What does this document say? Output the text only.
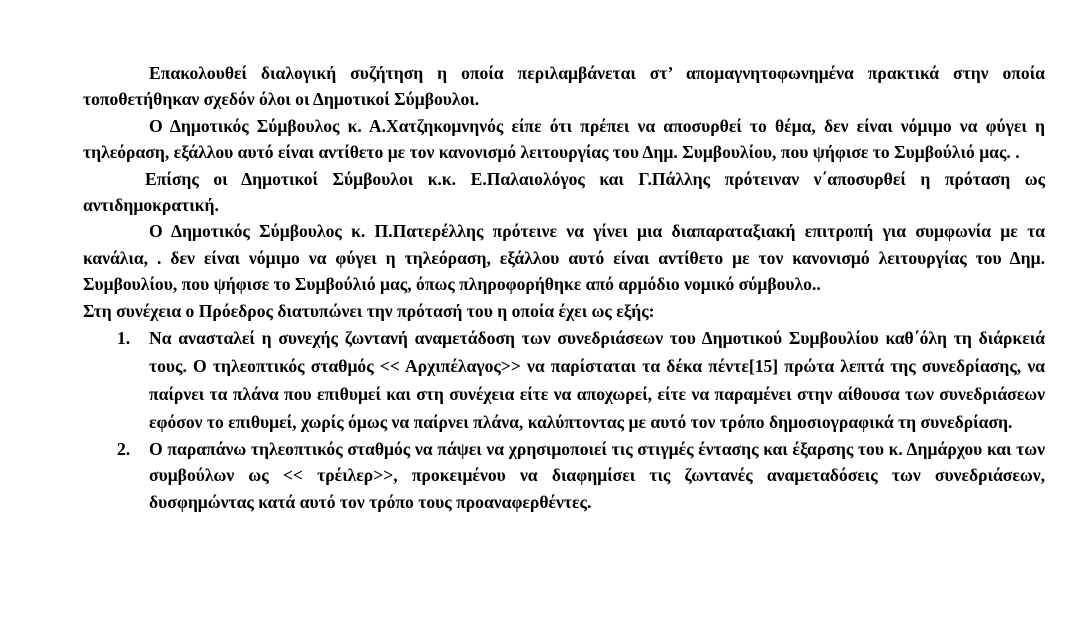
Επακολουθεί διαλογική συζήτηση η οποία περιλαμβάνεται στ’ απομαγνητοφωνημένα πρακτικά στην οποία τοποθετήθηκαν σχεδόν όλοι οι Δημοτικοί Σύμβουλοι.

Ο Δημοτικός Σύμβουλος κ. Α.Χατζηκομνηνός είπε ότι πρέπει να αποσυρθεί το θέμα, δεν είναι νόμιμο να φύγει η τηλεόραση, εξάλλου αυτό είναι αντίθετο με τον κανονισμό λειτουργίας του Δημ. Συμβουλίου, που ψήφισε το Συμβούλιό μας. .

Επίσης οι Δημοτικοί Σύμβουλοι κ.κ. Ε.Παλαιολόγος και Γ.Πάλλης πρότειναν ν΄αποσυρθεί η πρόταση ως αντιδημοκρατική.

Ο Δημοτικός Σύμβουλος κ. Π.Πατερέλλης πρότεινε να γίνει μια διαπαραταξιακή επιτροπή για συμφωνία με τα κανάλια, . δεν είναι νόμιμο να φύγει η τηλεόραση, εξάλλου αυτό είναι αντίθετο με τον κανονισμό λειτουργίας του Δημ. Συμβουλίου, που ψήφισε το Συμβούλιό μας, όπως πληροφορήθηκε από αρμόδιο νομικό σύμβουλο..

Στη συνέχεια ο Πρόεδρος διατυπώνει την πρότασή του η οποία έχει ως εξής:

1. Να ανασταλεί η συνεχής ζωντανή αναμετάδοση των συνεδριάσεων του Δημοτικού Συμβουλίου καθ΄όλη τη διάρκειά τους. Ο τηλεοπτικός σταθμός << Αρχιπέλαγος>> να παρίσταται τα δέκα πέντε[15] πρώτα λεπτά της συνεδρίασης, να παίρνει τα πλάνα που επιθυμεί και στη συνέχεια είτε να αποχωρεί, είτε να παραμένει στην αίθουσα των συνεδριάσεων εφόσον το επιθυμεί, χωρίς όμως να παίρνει πλάνα, καλύπτοντας με αυτό τον τρόπο δημοσιογραφικά τη συνεδρίαση.
2. Ο παραπάνω τηλεοπτικός σταθμός να πάψει να χρησιμοποιεί τις στιγμές έντασης και έξαρσης του κ. Δημάρχου και των συμβούλων ως << τρέιλερ>>, προκειμένου να διαφημίσει τις ζωντανές αναμεταδόσεις των συνεδριάσεων, δυσφημώντας κατά αυτό τον τρόπο τους προαναφερθέντες.
